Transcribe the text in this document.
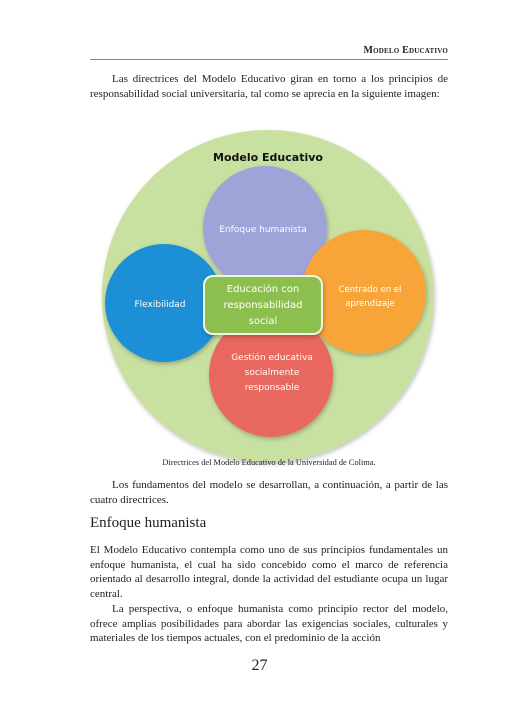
Modelo Educativo

Las directrices del Modelo Educativo giran en torno a los principios de responsabilidad social universitaria, tal como se aprecia en la siguiente imagen:

Modelo Educativo
Enfoque humanista
Flexibilidad
Centrado en el
aprendizaje
Gestión educativa
socialmente
responsable
Educación con
responsabilidad
social
Directrices del Modelo Educativo de la Universidad de Colima.

Los fundamentos del modelo se desarrollan, a continuación, a partir de las cuatro directrices.

Enfoque humanista

El Modelo Educativo contempla como uno de sus principios fundamentales un enfoque humanista, el cual ha sido concebido como el marco de referencia orientado al desarrollo integral, donde la actividad del estudiante ocupa un lugar central.

La perspectiva, o enfoque humanista como principio rector del modelo, ofrece amplias posibilidades para abordar las exigencias sociales, culturales y materiales de los tiempos actuales, con el predominio de la acción

27
